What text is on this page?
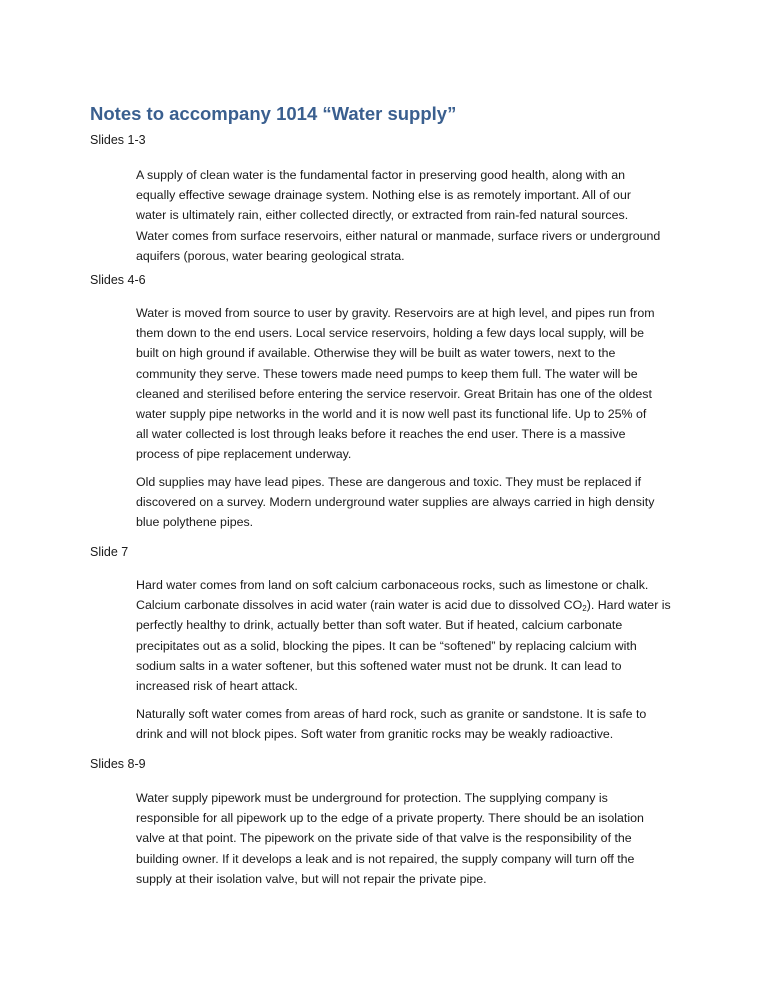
Notes to accompany 1014 “Water supply”

Slides 1-3

A supply of clean water is the fundamental factor in preserving good health, along with an
equally effective sewage drainage system. Nothing else is as remotely important. All of our
water is ultimately rain, either collected directly, or extracted from rain-fed natural sources.
Water comes from surface reservoirs, either natural or manmade, surface rivers or underground
aquifers (porous, water bearing geological strata.

Slides 4-6

Water is moved from source to user by gravity. Reservoirs are at high level, and pipes run from
them down to the end users. Local service reservoirs, holding a few days local supply, will be
built on high ground if available. Otherwise they will be built as water towers, next to the
community they serve. These towers made need pumps to keep them full. The water will be
cleaned and sterilised before entering the service reservoir. Great Britain has one of the oldest
water supply pipe networks in the world and it is now well past its functional life. Up to 25% of
all water collected is lost through leaks before it reaches the end user. There is a massive
process of pipe replacement underway.
Old supplies may have lead pipes. These are dangerous and toxic. They must be replaced if
discovered on a survey. Modern underground water supplies are always carried in high density
blue polythene pipes.

Slide 7

Hard water comes from land on soft calcium carbonaceous rocks, such as limestone or chalk.
Calcium carbonate dissolves in acid water (rain water is acid due to dissolved $CO_2$). Hard water is
perfectly healthy to drink, actually better than soft water. But if heated, calcium carbonate
precipitates out as a solid, blocking the pipes. It can be “softened” by replacing calcium with
sodium salts in a water softener, but this softened water must not be drunk. It can lead to
increased risk of heart attack.
Naturally soft water comes from areas of hard rock, such as granite or sandstone. It is safe to
drink and will not block pipes. Soft water from granitic rocks may be weakly radioactive.

Slides 8-9

Water supply pipework must be underground for protection. The supplying company is
responsible for all pipework up to the edge of a private property. There should be an isolation
valve at that point. The pipework on the private side of that valve is the responsibility of the
building owner. If it develops a leak and is not repaired, the supply company will turn off the
supply at their isolation valve, but will not repair the private pipe.
